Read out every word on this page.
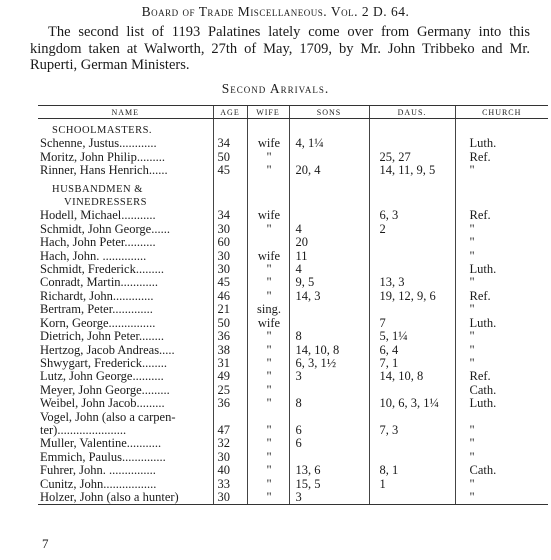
Board of Trade Miscellaneous. Vol. 2 D. 64.
The second list of 1193 Palatines lately come over from Germany into this kingdom taken at Walworth, 27th of May, 1709, by Mr. John Tribbeko and Mr. Ruperti, German Ministers.
Second Arrivals.
NAME	AGE	WIFE	SONS	DAUS.	CHURCH

SCHOOLMASTERS.					
Schenne, Justus............	34	wife	4, 1¼		Luth.
Moritz, John Philip.........	50	"		25, 27	Ref.
Rinner, Hans Henrich......	45	"	20, 4	14, 11, 9, 5	"

HUSBANDMEN &					
VINEDRESSERS					
Hodell, Michael...........	34	wife		6, 3	Ref.
Schmidt, John George......	30	"	4	2	"
Hach, John Peter..........	60		20		"
Hach, John. ..............	30	wife	11		"
Schmidt, Frederick.........	30	"	4		Luth.
Conradt, Martin............	45	"	9, 5	13, 3	"
Richardt, John.............	46	"	14, 3	19, 12, 9, 6	Ref.
Bertram, Peter.............	21	sing.			"
Korn, George...............	50	wife		7	Luth.
Dietrich, John Peter........	36	"	8	5, 1¼	"
Hertzog, Jacob Andreas.....	38	"	14, 10, 8	6, 4	"
Shwygart, Frederick........	31	"	6, 3, 1½	7, 1	"
Lutz, John George..........	49	"	3	14, 10, 8	Ref.
Meyer, John George.........	25	"			Cath.
Weibel, John Jacob.........	36	"	8	10, 6, 3, 1¼	Luth.
Vogel, John (also a carpen-					
ter)......................	47	"	6	7, 3	"
Muller, Valentine...........	32	"	6		"
Emmich, Paulus..............	30	"			"
Fuhrer, John. ...............	40	"	13, 6	8, 1	Cath.
Cunitz, John.................	33	"	15, 5	1	"
Holzer, John (also a hunter)	30	"	3		"
7
